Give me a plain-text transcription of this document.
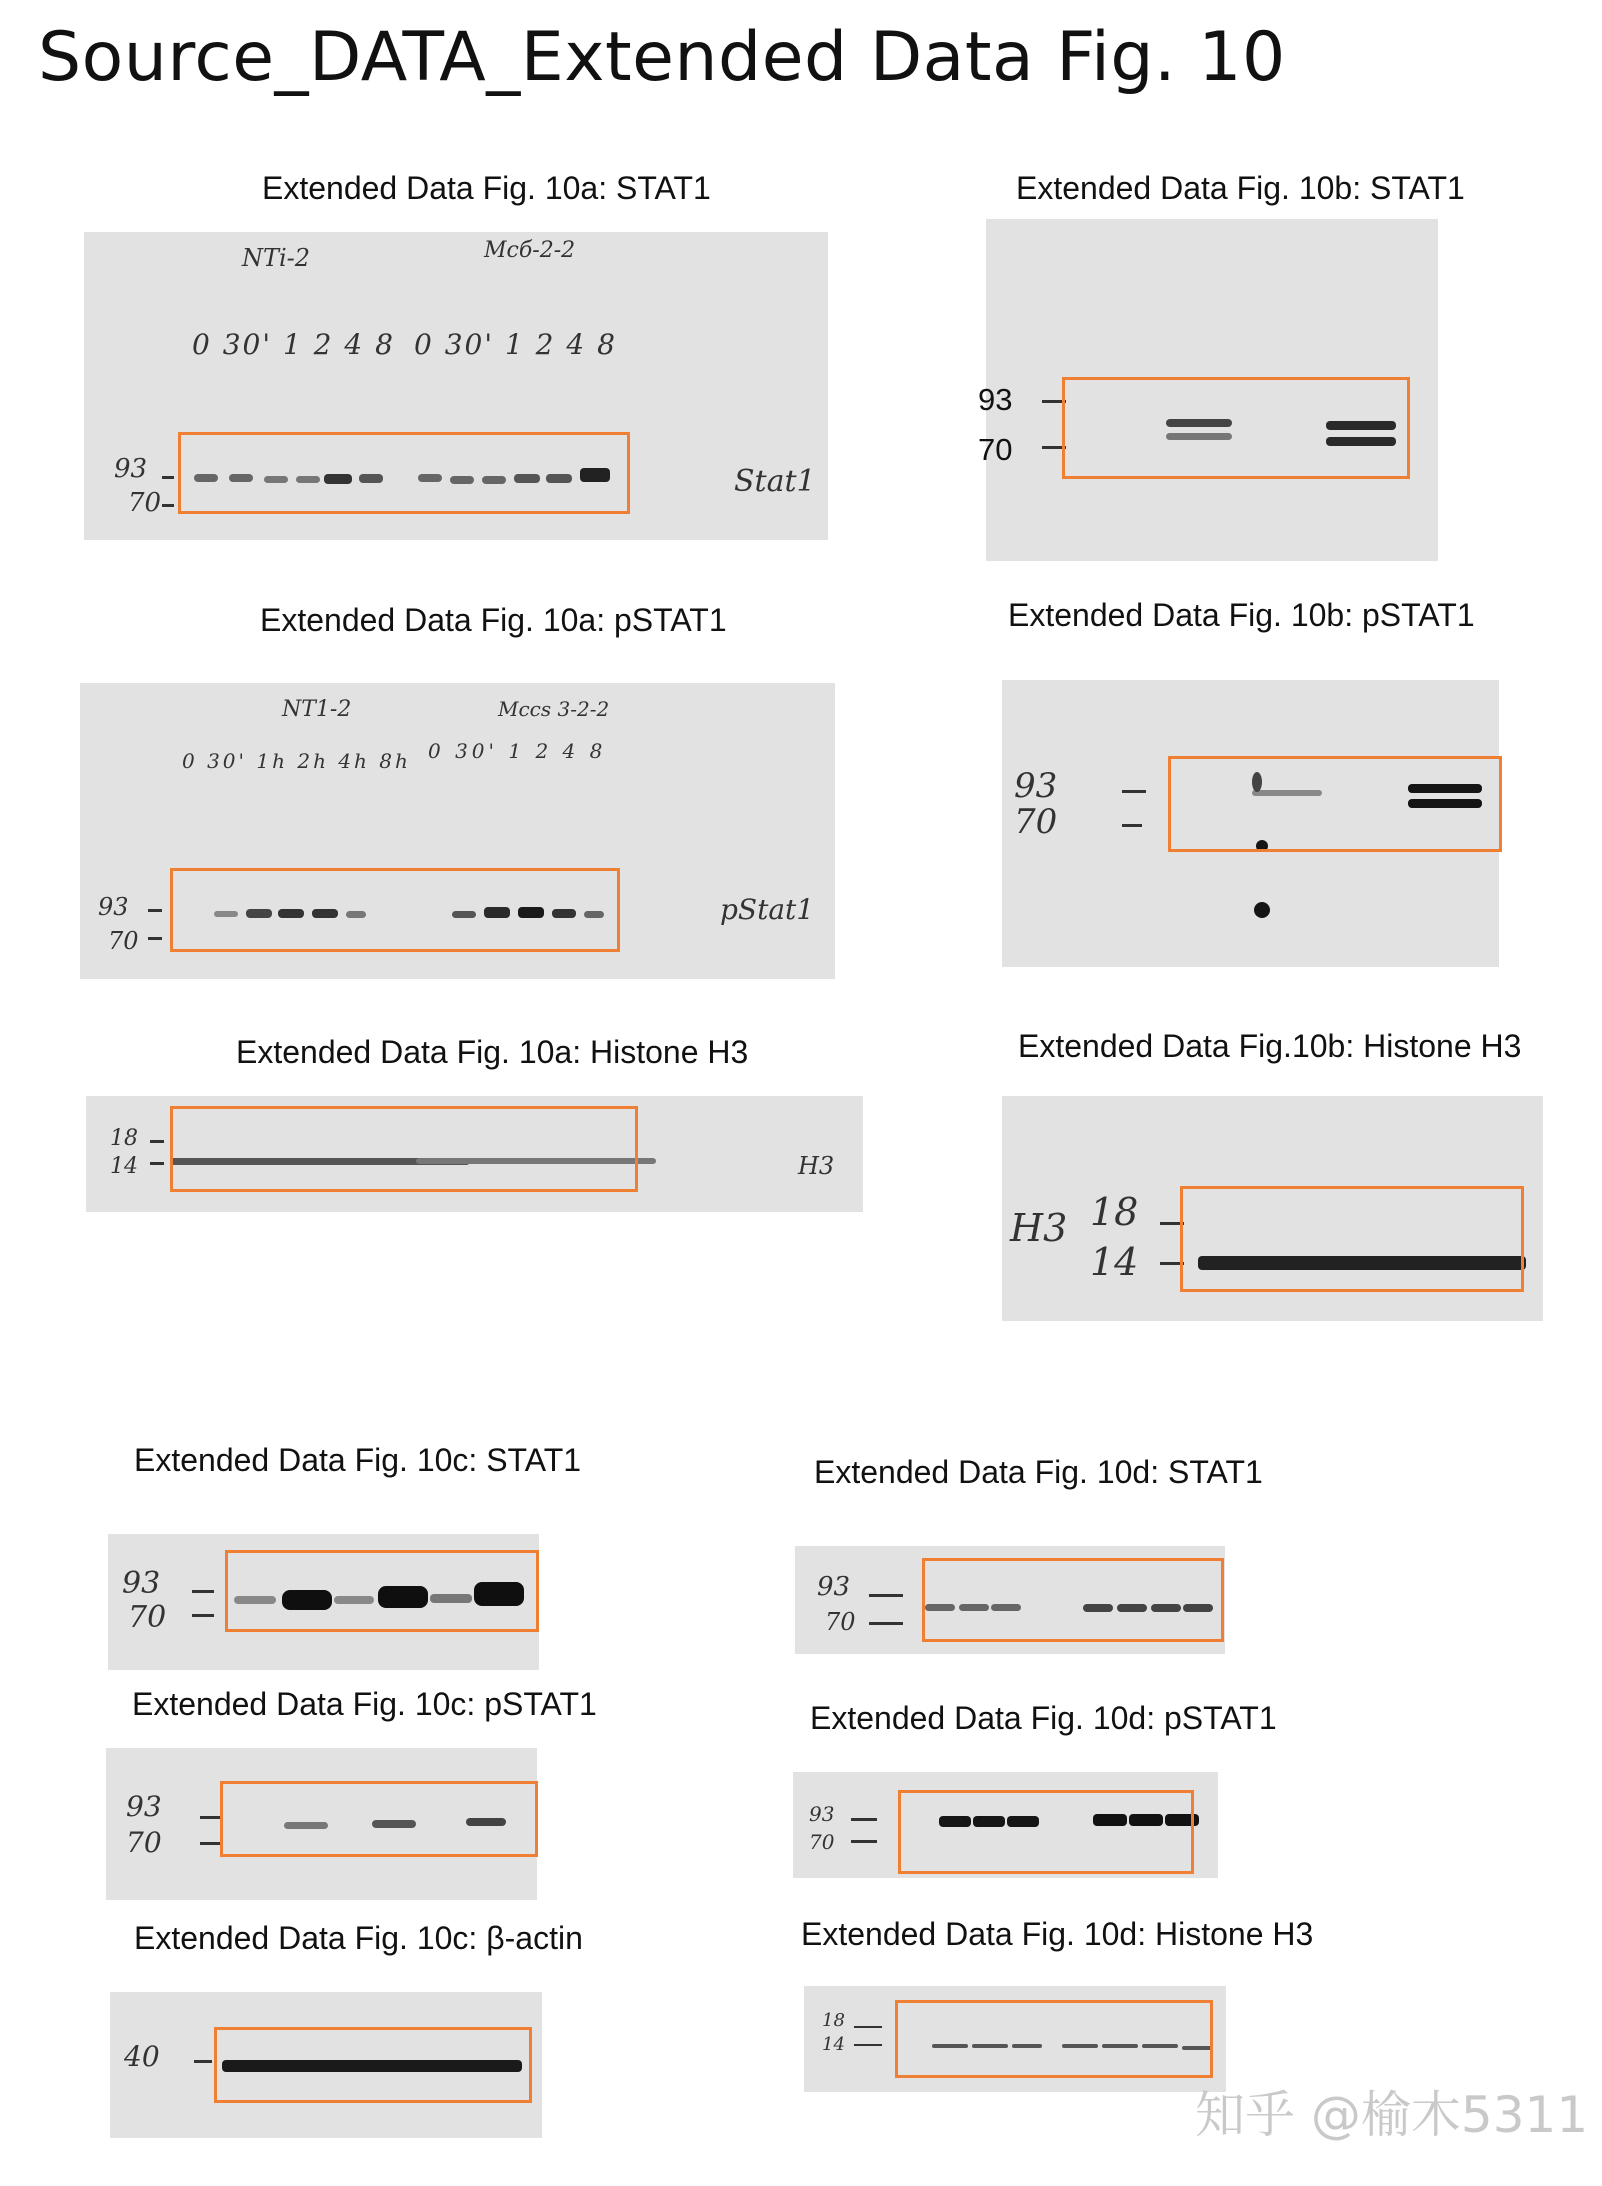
Source_DATA_Extended Data Fig. 10
Extended Data Fig. 10a: STAT1
NTi-2	Mсб-2-2
0 30' 1 2 4 8 0 30' 1 2 4 8
93
70
Stat1
Extended Data Fig. 10a: pSTAT1
NT1-2	Mcсs 3-2-2
0 30' 1h 2h 4h 8h 0 30' 1 2 4 8
93
70
pStat1
Extended Data Fig. 10a: Histone H3
18
14	H3
Extended Data Fig. 10b: STAT1
93
70
Extended Data Fig. 10b: pSTAT1
93
70
Extended Data Fig.10b: Histone H3
H3 18
14
Extended Data Fig. 10c: STAT1
93
70
Extended Data Fig. 10c: pSTAT1
93
70
Extended Data Fig. 10c: β-actin
40
Extended Data Fig. 10d: STAT1
93
70
Extended Data Fig. 10d: pSTAT1
93
70
Extended Data Fig. 10d: Histone H3
18
14
知乎 @榆木5311
